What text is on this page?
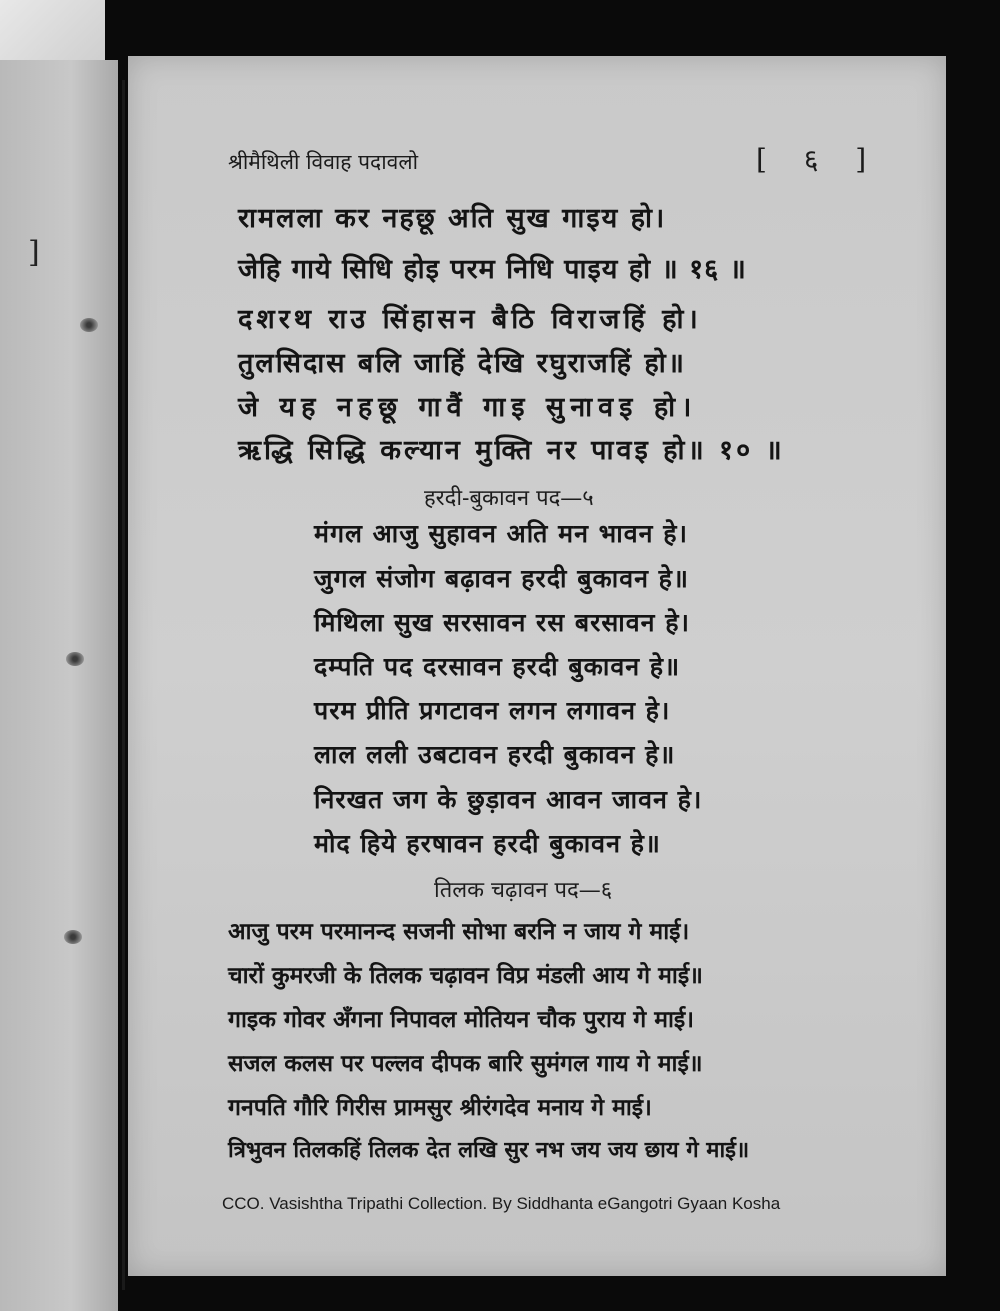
]
श्रीमैथिली विवाह पदावलो	[ ६ ]
रामलला कर नहछू अति सुख गाइय हो।
जेहि गाये सिधि होइ परम निधि पाइय हो ॥ १६ ॥
दशरथ राउ सिंहासन बैठि विराजहिं हो।
तुलसिदास बलि जाहिं देखि रघुराजहिं हो॥
जे यह नहछू गावैं गाइ सुनावइ हो।
ऋद्धि सिद्धि कल्यान मुक्ति नर पावइ हो॥ १० ॥
हरदी-बुकावन पद—५
मंगल आजु सुहावन अति मन भावन हे।
जुगल संजोग बढ़ावन हरदी बुकावन हे॥
मिथिला सुख सरसावन रस बरसावन हे।
दम्पति पद दरसावन हरदी बुकावन हे॥
परम प्रीति प्रगटावन लगन लगावन हे।
लाल लली उबटावन हरदी बुकावन हे॥
निरखत जग के छुड़ावन आवन जावन हे।
मोद हिये हरषावन हरदी बुकावन हे॥
तिलक चढ़ावन पद—६
आजु परम परमानन्द सजनी सोभा बरनि न जाय गे माई।
चारों कुमरजी के तिलक चढ़ावन विप्र मंडली आय गे माई॥
गाइक गोवर अँगना निपावल मोतियन चौक पुराय गे माई।
सजल कलस पर पल्लव दीपक बारि सुमंगल गाय गे माई॥
गनपति गौरि गिरीस प्रामसुर श्रीरंगदेव मनाय गे माई।
त्रिभुवन तिलकहिं तिलक देत लखि सुर नभ जय जय छाय गे माई॥
CCO. Vasishtha Tripathi Collection. By Siddhanta eGangotri Gyaan Kosha
